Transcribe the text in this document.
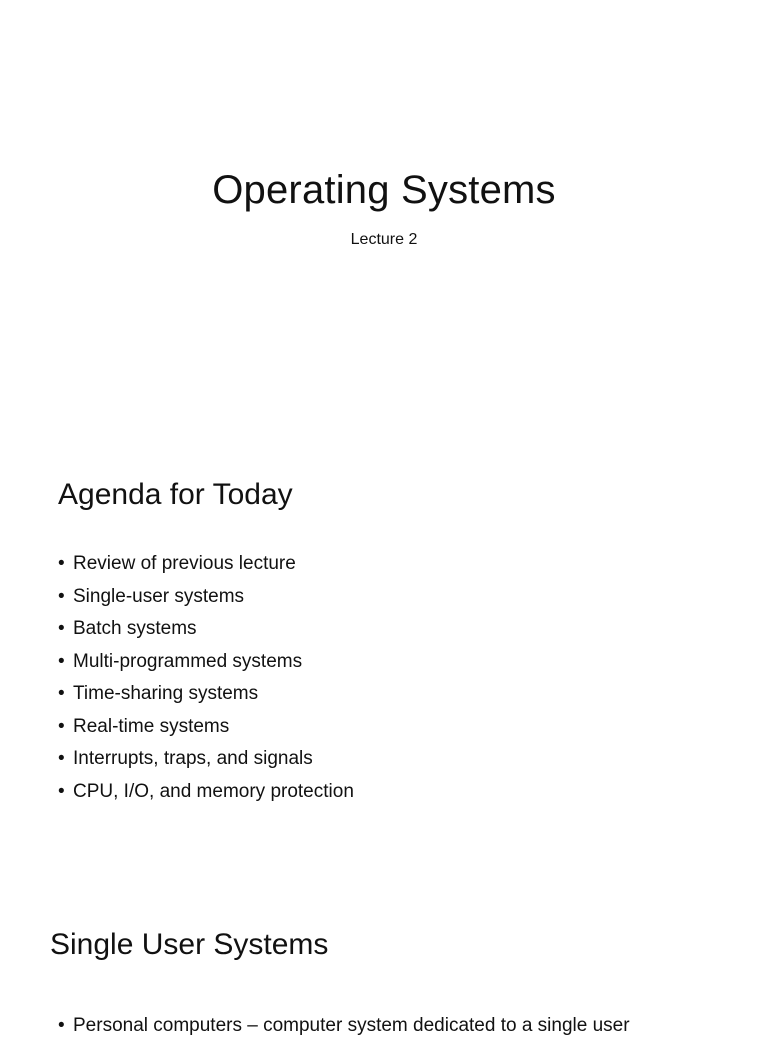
Operating Systems

Lecture 2

Agenda for Today
• Review of previous lecture
• Single-user systems
• Batch systems
• Multi-programmed systems
• Time-sharing systems
• Real-time systems
• Interrupts, traps, and signals
• CPU, I/O, and memory protection
Single User Systems
• Personal computers – computer system dedicated to a single user
